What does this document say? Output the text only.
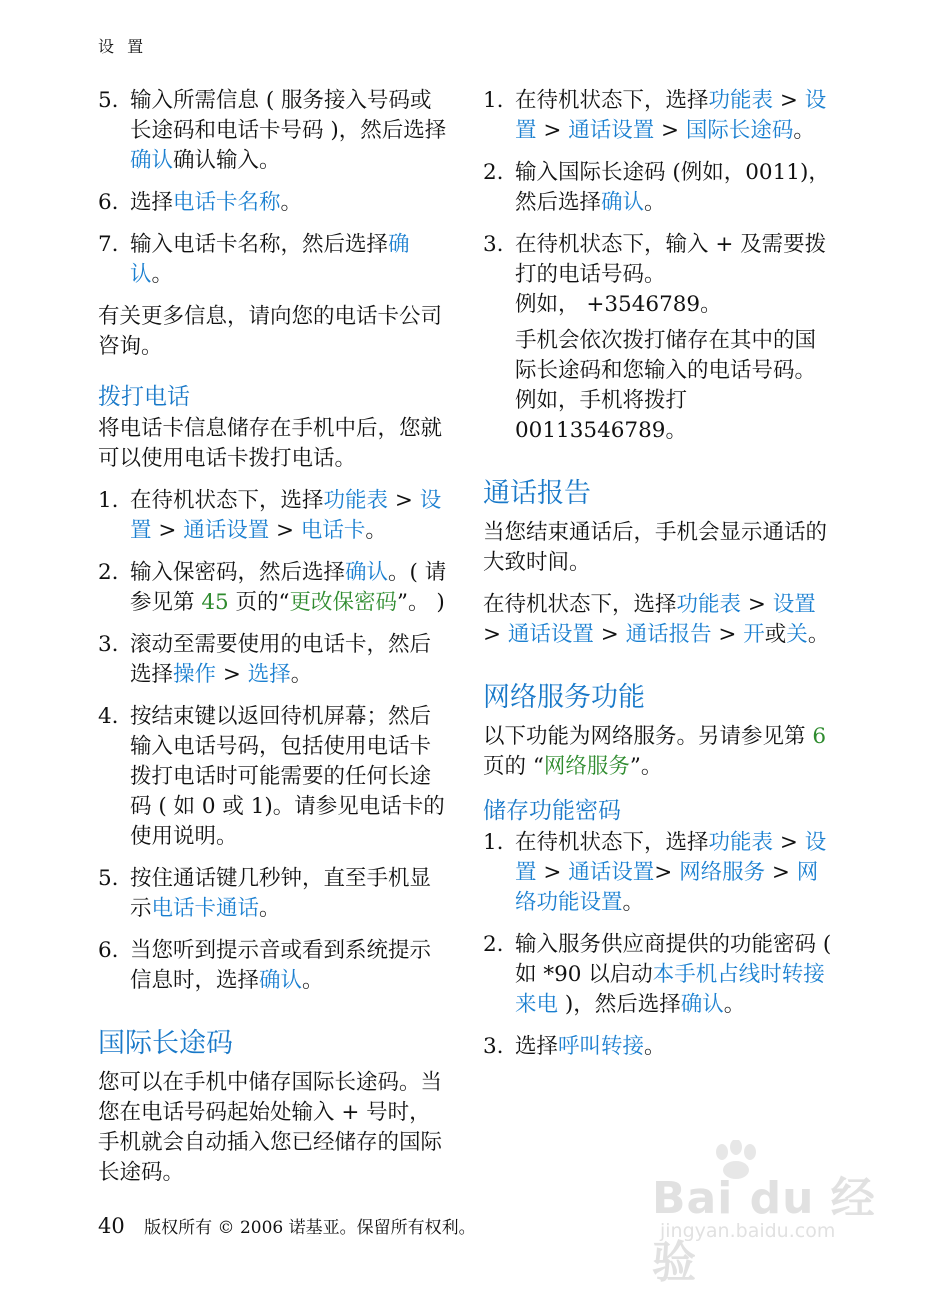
设 置
5. 输入所需信息 ( 服务接入号码或长途码和电话卡号码 )，然后选择确认确认输入。
6. 选择电话卡名称。
7. 输入电话卡名称，然后选择确认。

有关更多信息，请向您的电话卡公司咨询。

拨打电话

将电话卡信息储存在手机中后，您就可以使用电话卡拨打电话。

1. 在待机状态下，选择功能表 > 设置 > 通话设置 > 电话卡。
2. 输入保密码，然后选择确认。( 请参见第 45 页的“更改保密码”。 )
3. 滚动至需要使用的电话卡，然后选择操作 > 选择。
4. 按结束键以返回待机屏幕；然后输入电话号码，包括使用电话卡拨打电话时可能需要的任何长途码 ( 如 0 或 1)。请参见电话卡的使用说明。
5. 按住通话键几秒钟，直至手机显示电话卡通话。
6. 当您听到提示音或看到系统提示信息时，选择确认。
国际长途码

您可以在手机中储存国际长途码。当您在电话号码起始处输入 + 号时，手机就会自动插入您已经储存的国际长途码。

1. 在待机状态下，选择功能表 > 设置 > 通话设置 > 国际长途码。
2. 输入国际长途码 (例如，0011)，然后选择确认。
3. 在待机状态下，输入 + 及需要拨打的电话号码。
例如， +3546789。
手机会依次拨打储存在其中的国际长途码和您输入的电话号码。例如，手机将拨打 00113546789。
通话报告

当您结束通话后，手机会显示通话的大致时间。

在待机状态下，选择功能表 > 设置 > 通话设置 > 通话报告 > 开或关。

网络服务功能

以下功能为网络服务。另请参见第 6 页的 “网络服务”。

储存功能密码
1. 在待机状态下，选择功能表 > 设置 > 通话设置> 网络服务 > 网络功能设置。
2. 输入服务供应商提供的功能密码 ( 如 *90 以启动本手机占线时转接来电 )，然后选择确认。
3. 选择呼叫转接。
40 版权所有 © 2006 诺基亚。保留所有权利。
Bai du 经验
jingyan.baidu.com
